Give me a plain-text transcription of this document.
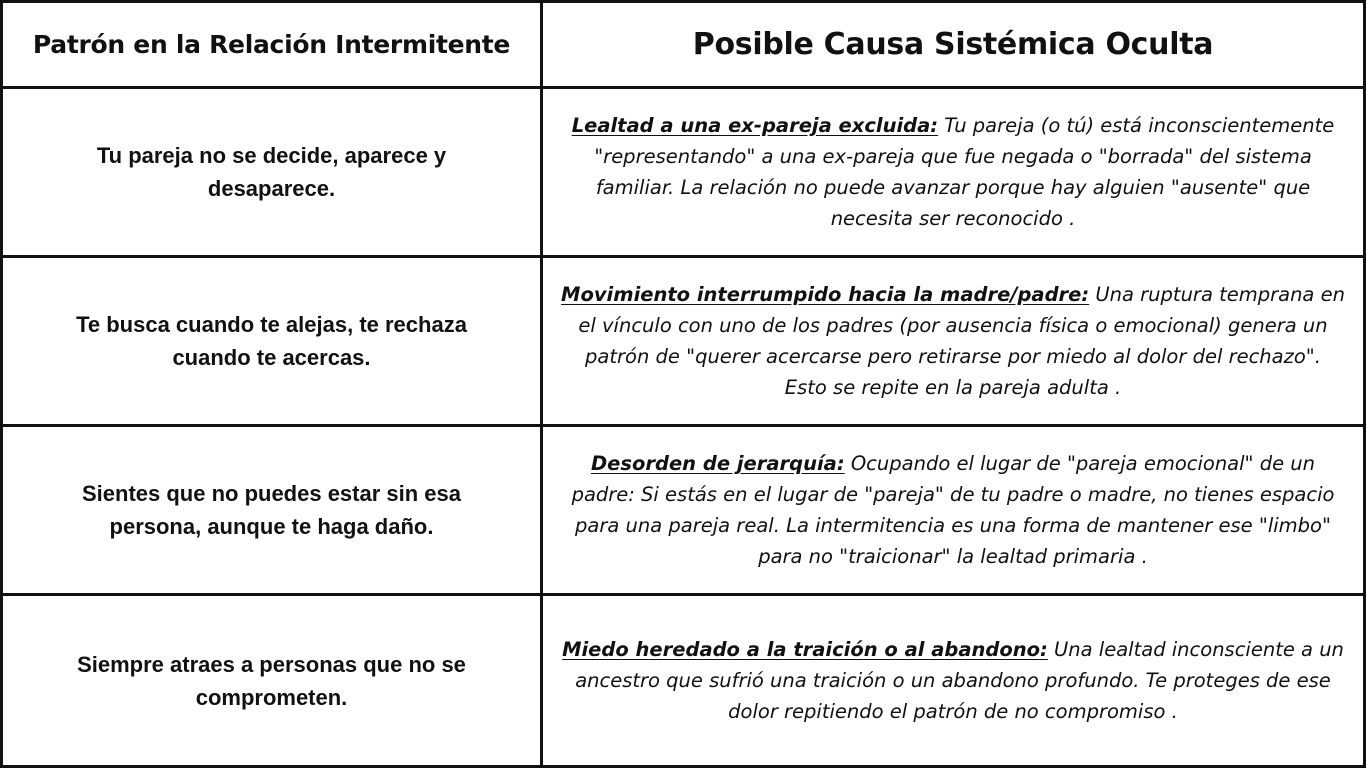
Patrón en la Relación Intermitente	Posible Causa Sistémica Oculta
Tu pareja no se decide, aparece y desaparece.
Lealtad a una ex-pareja excluida: Tu pareja (o tú) está inconscientemente "representando" a una ex-pareja que fue negada o "borrada" del sistema familiar. La relación no puede avanzar porque hay alguien "ausente" que necesita ser reconocido .
Te busca cuando te alejas, te rechaza cuando te acercas.
Movimiento interrumpido hacia la madre/padre: Una ruptura temprana en el vínculo con uno de los padres (por ausencia física o emocional) genera un patrón de "querer acercarse pero retirarse por miedo al dolor del rechazo". Esto se repite en la pareja adulta .
Sientes que no puedes estar sin esa persona, aunque te haga daño.
Desorden de jerarquía: Ocupando el lugar de "pareja emocional" de un padre: Si estás en el lugar de "pareja" de tu padre o madre, no tienes espacio para una pareja real. La intermitencia es una forma de mantener ese "limbo" para no "traicionar" la lealtad primaria .
Siempre atraes a personas que no se comprometen.
Miedo heredado a la traición o al abandono: Una lealtad inconsciente a un ancestro que sufrió una traición o un abandono profundo. Te proteges de ese dolor repitiendo el patrón de no compromiso .
